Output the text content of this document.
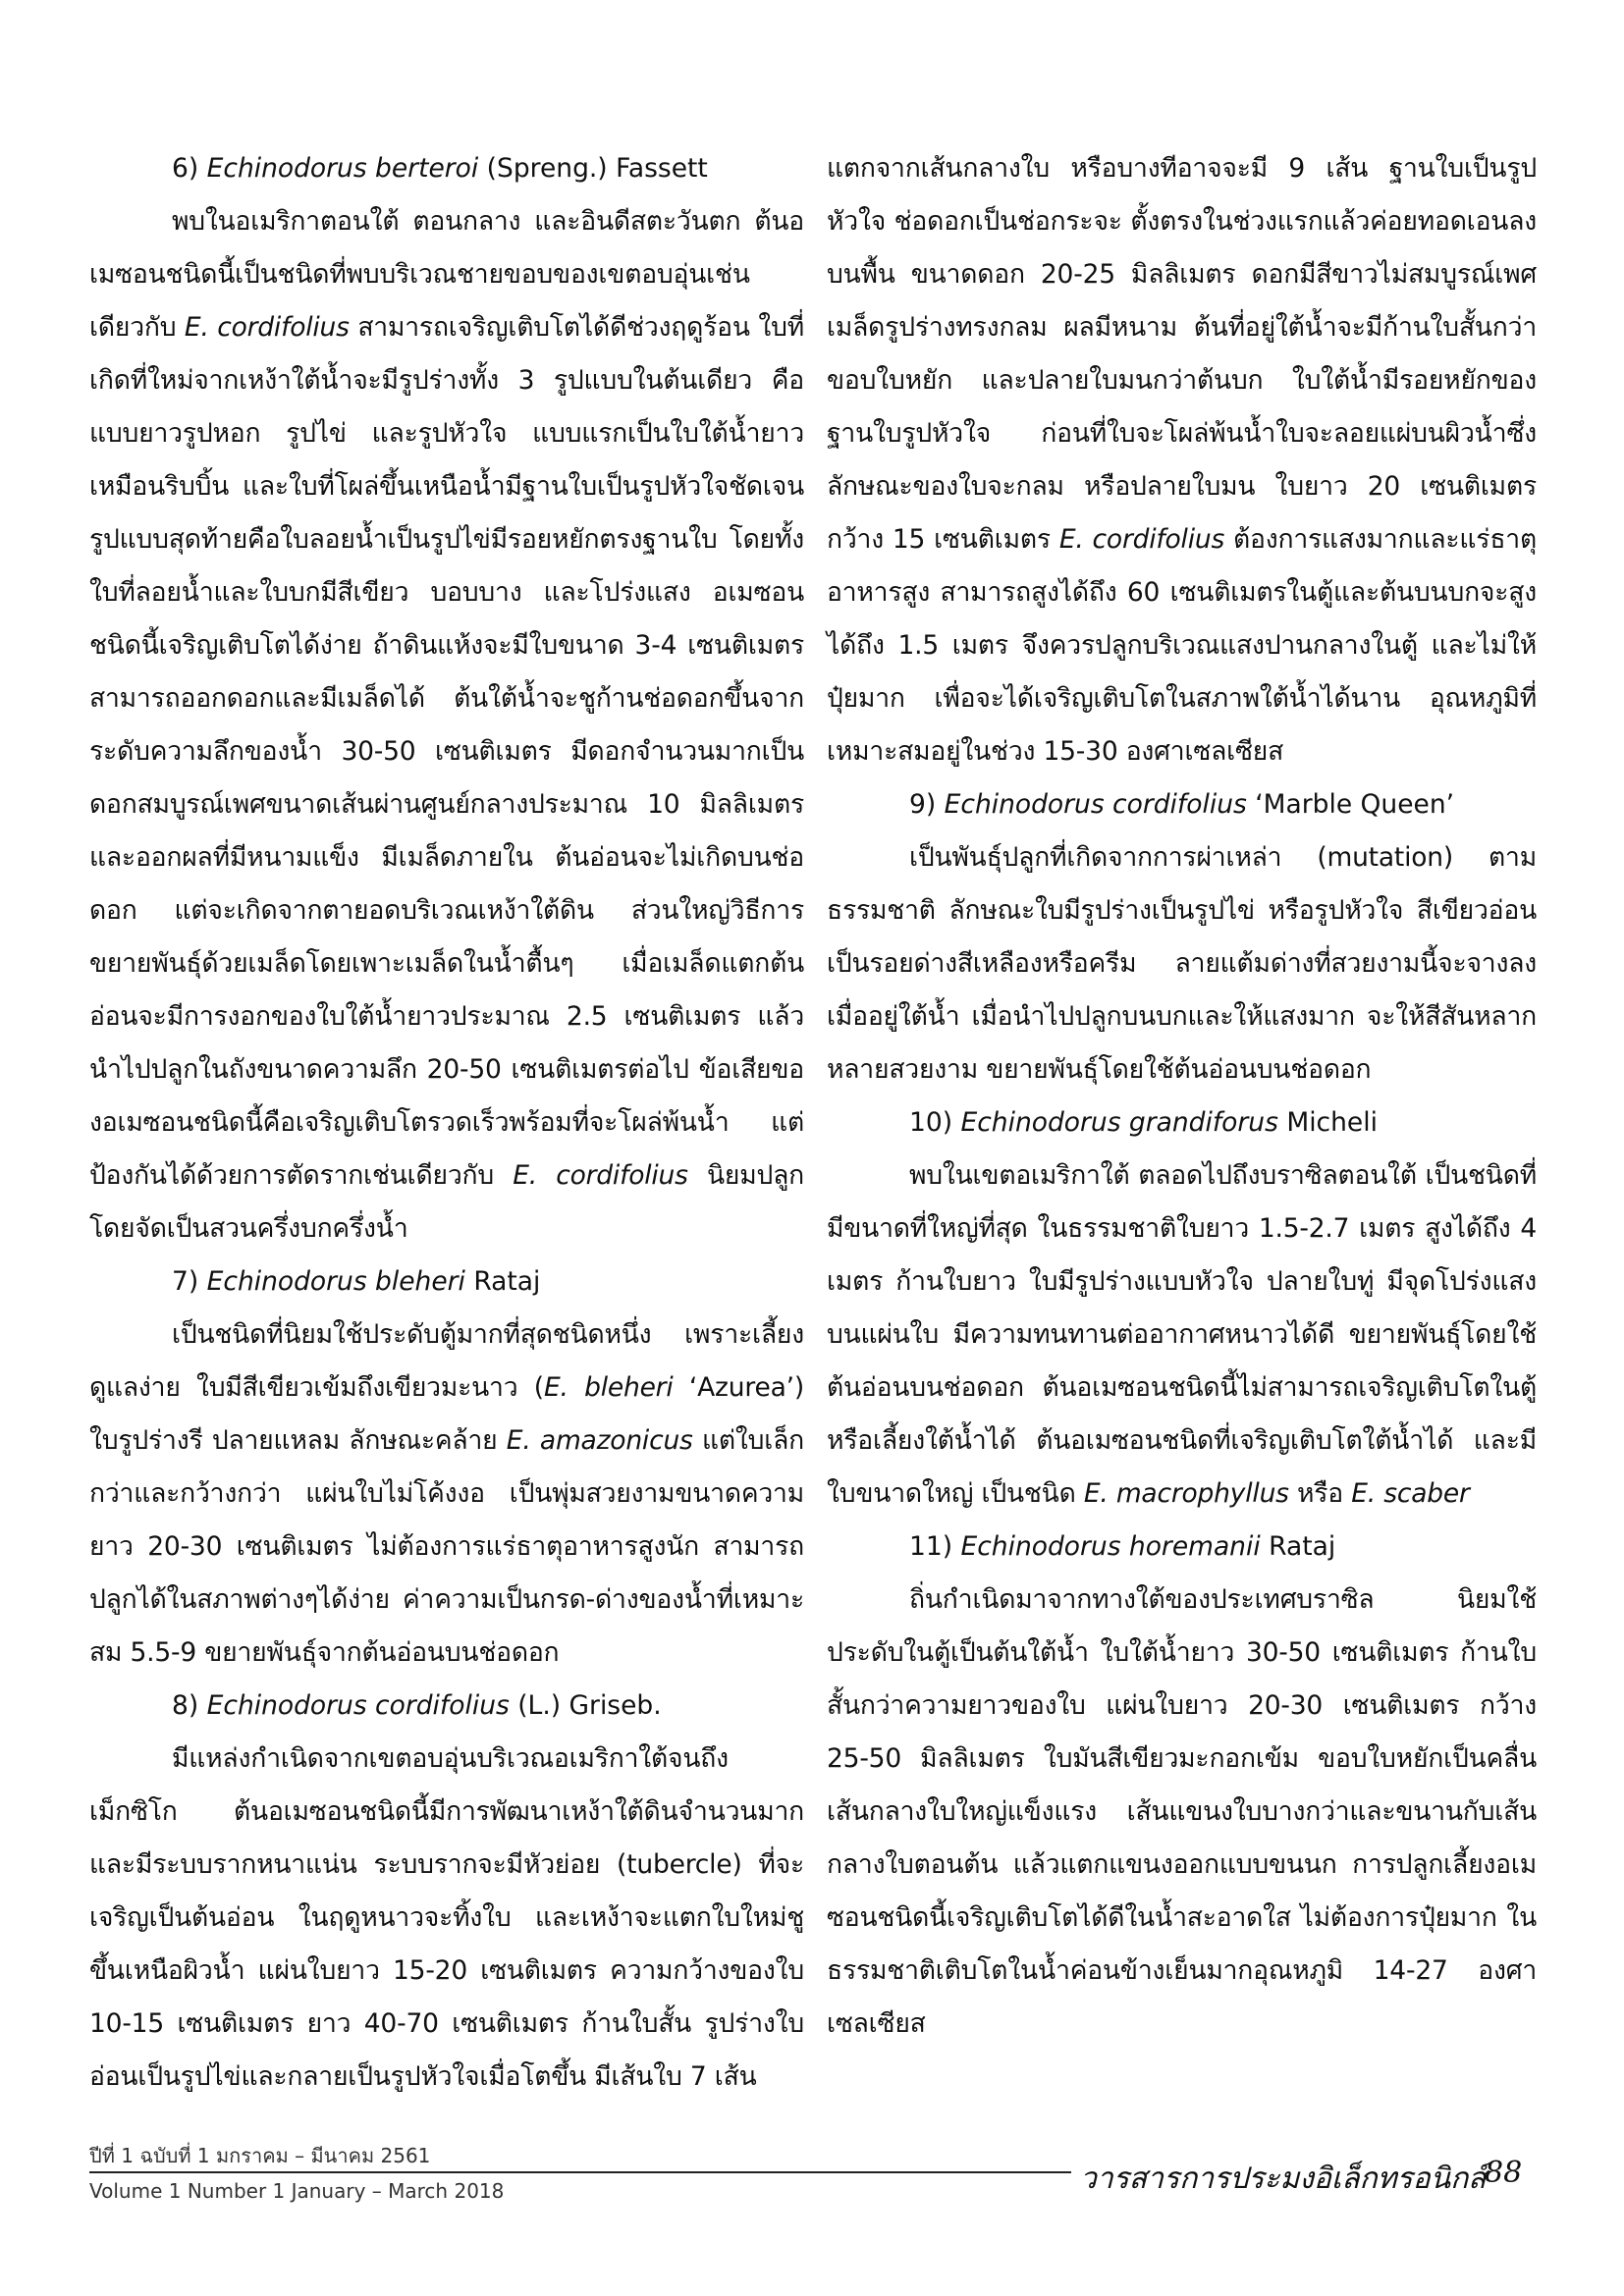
6) Echinodorus berteroi (Spreng.) Fassett

พบในอเมริกาตอนใต้ ตอนกลาง และอินดีสตะวันตก ต้นอเมซอนชนิดนี้เป็นชนิดที่พบบริเวณชายขอบของเขตอบอุ่นเช่นเดียวกับ E. cordifolius สามารถเจริญเติบโตได้ดีช่วงฤดูร้อน ใบที่เกิดที่ใหม่จากเหง้าใต้น้ำจะมีรูปร่างทั้ง 3 รูปแบบในต้นเดียว คือแบบยาวรูปหอก รูปไข่ และรูปหัวใจ แบบแรกเป็นใบใต้น้ำยาวเหมือนริบบิ้น และใบที่โผล่ขึ้นเหนือน้ำมีฐานใบเป็นรูปหัวใจชัดเจน รูปแบบสุดท้ายคือใบลอยน้ำเป็นรูปไข่มีรอยหยักตรงฐานใบ โดยทั้งใบที่ลอยน้ำและใบบกมีสีเขียว บอบบาง และโปร่งแสง อเมซอนชนิดนี้เจริญเติบโตได้ง่าย ถ้าดินแห้งจะมีใบขนาด 3-4 เซนติเมตร สามารถออกดอกและมีเมล็ดได้ ต้นใต้น้ำจะชูก้านช่อดอกขึ้นจากระดับความลึกของน้ำ 30-50 เซนติเมตร มีดอกจำนวนมากเป็นดอกสมบูรณ์เพศขนาดเส้นผ่านศูนย์กลางประมาณ 10 มิลลิเมตร และออกผลที่มีหนามแข็ง มีเมล็ดภายใน ต้นอ่อนจะไม่เกิดบนช่อดอก แต่จะเกิดจากตายอดบริเวณเหง้าใต้ดิน ส่วนใหญ่วิธีการขยายพันธุ์ด้วยเมล็ดโดยเพาะเมล็ดในน้ำตื้นๆ เมื่อเมล็ดแตกต้นอ่อนจะมีการงอกของใบใต้น้ำยาวประมาณ 2.5 เซนติเมตร แล้วนำไปปลูกในถังขนาดความลึก 20-50 เซนติเมตรต่อไป ข้อเสียของอเมซอนชนิดนี้คือเจริญเติบโตรวดเร็วพร้อมที่จะโผล่พ้นน้ำ แต่ป้องกันได้ด้วยการตัดรากเช่นเดียวกับ E. cordifolius นิยมปลูกโดยจัดเป็นสวนครึ่งบกครึ่งน้ำ

7) Echinodorus bleheri Rataj

เป็นชนิดที่นิยมใช้ประดับตู้มากที่สุดชนิดหนึ่ง เพราะเลี้ยงดูแลง่าย ใบมีสีเขียวเข้มถึงเขียวมะนาว (E. bleheri ‘Azurea’) ใบรูปร่างรี ปลายแหลม ลักษณะคล้าย E. amazonicus แต่ใบเล็กกว่าและกว้างกว่า แผ่นใบไม่โค้งงอ เป็นพุ่มสวยงามขนาดความยาว 20-30 เซนติเมตร ไม่ต้องการแร่ธาตุอาหารสูงนัก สามารถปลูกได้ในสภาพต่างๆได้ง่าย ค่าความเป็นกรด-ด่างของน้ำที่เหมาะสม 5.5-9 ขยายพันธุ์จากต้นอ่อนบนช่อดอก

8) Echinodorus cordifolius (L.) Griseb.

มีแหล่งกำเนิดจากเขตอบอุ่นบริเวณอเมริกาใต้จนถึงเม็กซิโก ต้นอเมซอนชนิดนี้มีการพัฒนาเหง้าใต้ดินจำนวนมาก และมีระบบรากหนาแน่น ระบบรากจะมีหัวย่อย (tubercle) ที่จะเจริญเป็นต้นอ่อน ในฤดูหนาวจะทิ้งใบ และเหง้าจะแตกใบใหม่ชูขึ้นเหนือผิวน้ำ แผ่นใบยาว 15-20 เซนติเมตร ความกว้างของใบ 10-15 เซนติเมตร ยาว 40-70 เซนติเมตร ก้านใบสั้น รูปร่างใบอ่อนเป็นรูปไข่และกลายเป็นรูปหัวใจเมื่อโตขึ้น มีเส้นใบ 7 เส้น

แตกจากเส้นกลางใบ หรือบางทีอาจจะมี 9 เส้น ฐานใบเป็นรูปหัวใจ ช่อดอกเป็นช่อกระจะ ตั้งตรงในช่วงแรกแล้วค่อยทอดเอนลงบนพื้น ขนาดดอก 20-25 มิลลิเมตร ดอกมีสีขาวไม่สมบูรณ์เพศ เมล็ดรูปร่างทรงกลม ผลมีหนาม ต้นที่อยู่ใต้น้ำจะมีก้านใบสั้นกว่าขอบใบหยัก และปลายใบมนกว่าต้นบก ใบใต้น้ำมีรอยหยักของฐานใบรูปหัวใจ ก่อนที่ใบจะโผล่พ้นน้ำใบจะลอยแผ่บนผิวน้ำซึ่งลักษณะของใบจะกลม หรือปลายใบมน ใบยาว 20 เซนติเมตร กว้าง 15 เซนติเมตร E. cordifolius ต้องการแสงมากและแร่ธาตุอาหารสูง สามารถสูงได้ถึง 60 เซนติเมตรในตู้และต้นบนบกจะสูงได้ถึง 1.5 เมตร จึงควรปลูกบริเวณแสงปานกลางในตู้ และไม่ให้ปุ๋ยมาก เพื่อจะได้เจริญเติบโตในสภาพใต้น้ำได้นาน อุณหภูมิที่เหมาะสมอยู่ในช่วง 15-30 องศาเซลเซียส

9) Echinodorus cordifolius ‘Marble Queen’

เป็นพันธุ์ปลูกที่เกิดจากการผ่าเหล่า (mutation) ตามธรรมชาติ ลักษณะใบมีรูปร่างเป็นรูปไข่ หรือรูปหัวใจ สีเขียวอ่อนเป็นรอยด่างสีเหลืองหรือครีม ลายแต้มด่างที่สวยงามนี้จะจางลงเมื่ออยู่ใต้น้ำ เมื่อนำไปปลูกบนบกและให้แสงมาก จะให้สีสันหลากหลายสวยงาม ขยายพันธุ์โดยใช้ต้นอ่อนบนช่อดอก

10) Echinodorus grandiforus Micheli

พบในเขตอเมริกาใต้ ตลอดไปถึงบราซิลตอนใต้ เป็นชนิดที่มีขนาดที่ใหญ่ที่สุด ในธรรมชาติใบยาว 1.5-2.7 เมตร สูงได้ถึง 4 เมตร ก้านใบยาว ใบมีรูปร่างแบบหัวใจ ปลายใบทู่ มีจุดโปร่งแสงบนแผ่นใบ มีความทนทานต่ออากาศหนาวได้ดี ขยายพันธุ์โดยใช้ต้นอ่อนบนช่อดอก ต้นอเมซอนชนิดนี้ไม่สามารถเจริญเติบโตในตู้หรือเลี้ยงใต้น้ำได้ ต้นอเมซอนชนิดที่เจริญเติบโตใต้น้ำได้ และมีใบขนาดใหญ่ เป็นชนิด E. macrophyllus หรือ E. scaber

11) Echinodorus horemanii Rataj

ถิ่นกำเนิดมาจากทางใต้ของประเทศบราซิล นิยมใช้ประดับในตู้เป็นต้นใต้น้ำ ใบใต้น้ำยาว 30-50 เซนติเมตร ก้านใบสั้นกว่าความยาวของใบ แผ่นใบยาว 20-30 เซนติเมตร กว้าง 25-50 มิลลิเมตร ใบมันสีเขียวมะกอกเข้ม ขอบใบหยักเป็นคลื่น เส้นกลางใบใหญ่แข็งแรง เส้นแขนงใบบางกว่าและขนานกับเส้นกลางใบตอนต้น แล้วแตกแขนงออกแบบขนนก การปลูกเลี้ยงอเมซอนชนิดนี้เจริญเติบโตได้ดีในน้ำสะอาดใส ไม่ต้องการปุ๋ยมาก ในธรรมชาติเติบโตในน้ำค่อนข้างเย็นมากอุณหภูมิ 14-27 องศาเซลเซียส

ปีที่ 1 ฉบับที่ 1 มกราคม – มีนาคม 2561
Volume 1 Number 1 January – March 2018	วารสารการประมงอิเล็กทรอนิกส์
88
